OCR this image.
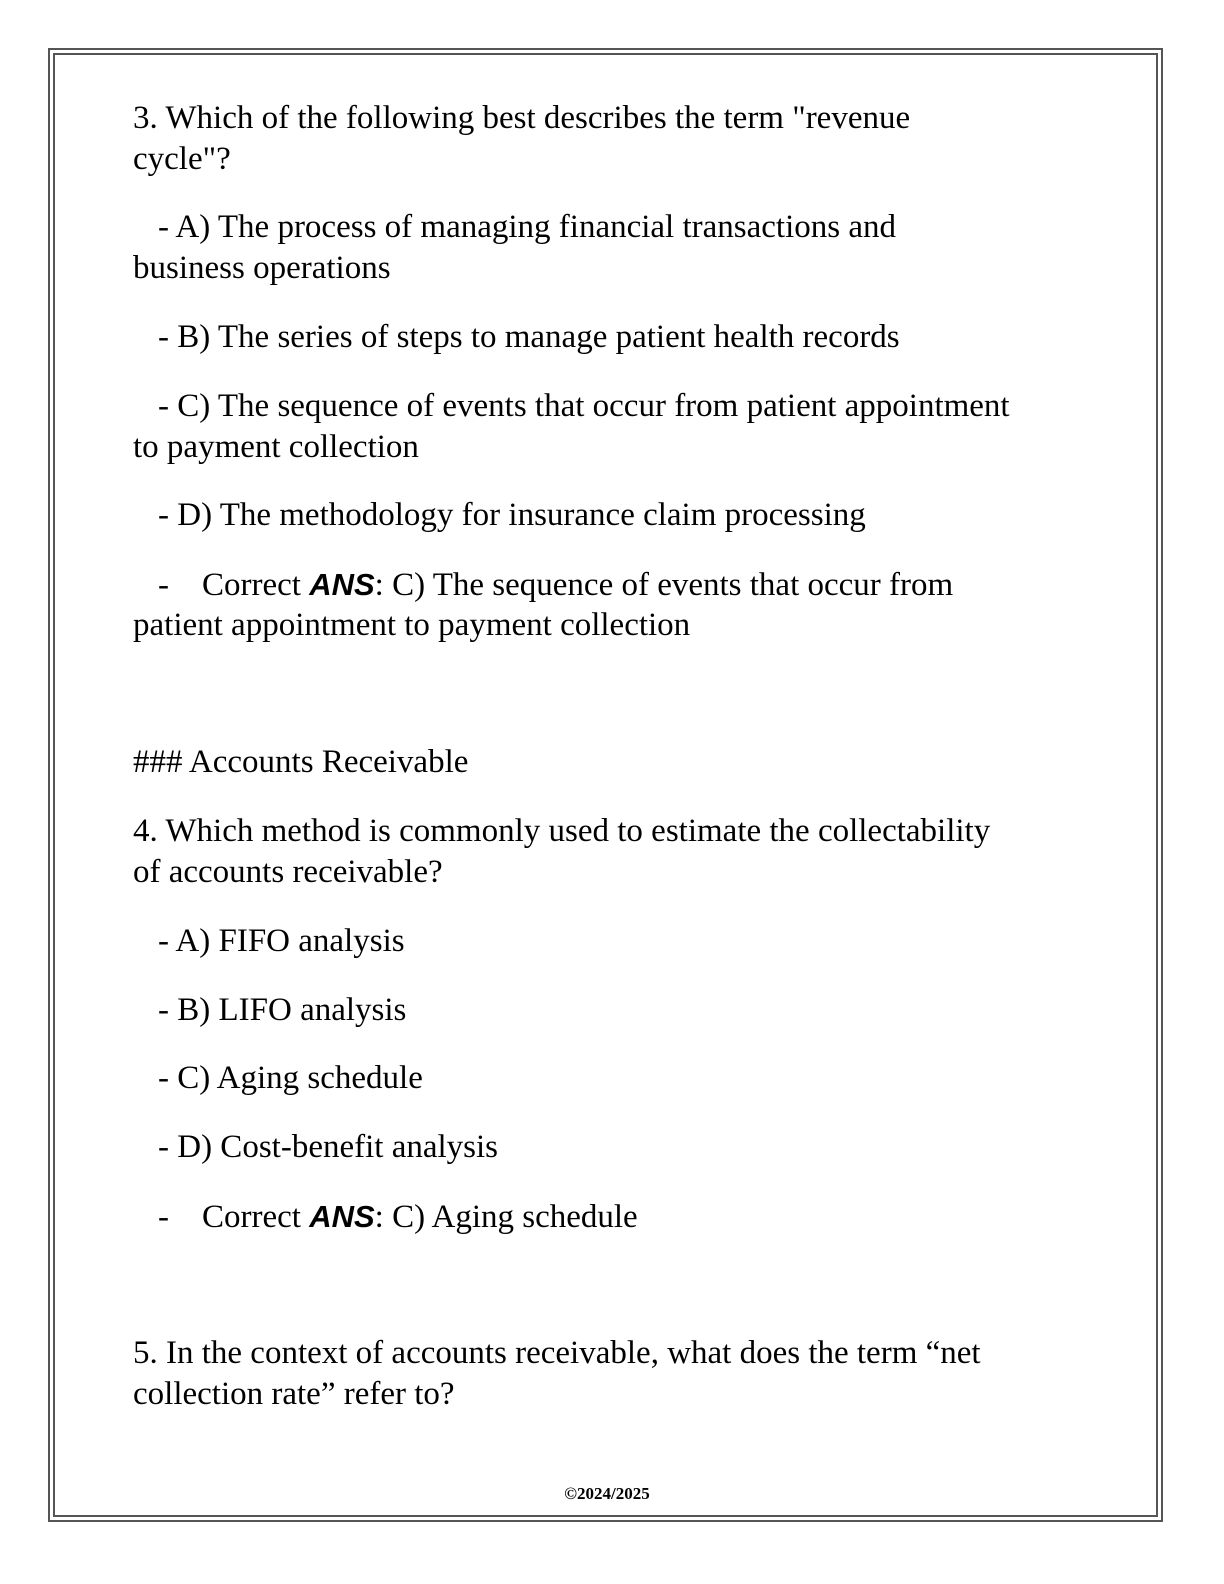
3. Which of the following best describes the term "revenue
cycle"?
- A) The process of managing financial transactions and
business operations
- B) The series of steps to manage patient health records
- C) The sequence of events that occur from patient appointment
to payment collection
- D) The methodology for insurance claim processing
-    Correct ANS: C) The sequence of events that occur from
patient appointment to payment collection
### Accounts Receivable
4. Which method is commonly used to estimate the collectability
of accounts receivable?
- A) FIFO analysis
- B) LIFO analysis
- C) Aging schedule
- D) Cost-benefit analysis
-    Correct ANS: C) Aging schedule
5. In the context of accounts receivable, what does the term “net
collection rate” refer to?
©2024/2025
